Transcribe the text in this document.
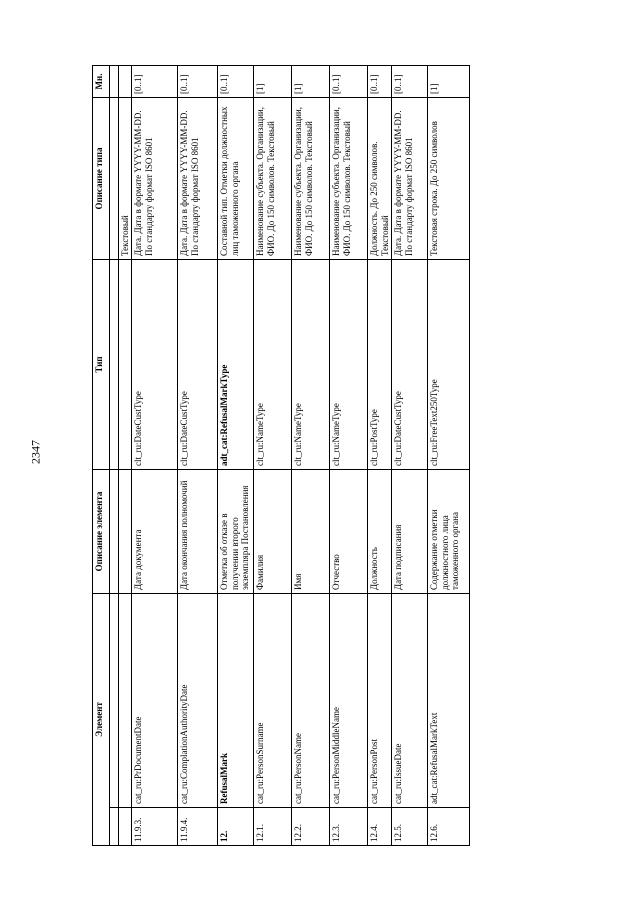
2347
Элемент		Описание элемента	Тип	Описание типа	Мн.

				Текстовый	
11.9.3.	cat_ru:PrDocumentDate	Дата документа	clt_ru:DateCustType	Дата. Дата в формате YYYY-MM-DD. По стандарту формат ISO 8601	[0..1]
11.9.4.	cat_ru:ComplationAuthorityDate	Дата окончания полномочий	clt_ru:DateCustType	Дата. Дата в формате YYYY-MM-DD. По стандарту формат ISO 8601	[0..1]
12.	RefusalMark	Отметка об отказе в получении второго экземпляра Постановления	adt_cat:RefusalMarkType	Составной тип. Отметки должностных лиц таможенного органа	[0..1]
12.1.	cat_ru:PersonSurname	Фамилия	clt_ru:NameType	Наименование субъекта. Организации, ФИО. До 150 символов. Текстовый	[1]
12.2.	cat_ru:PersonName	Имя	clt_ru:NameType	Наименование субъекта. Организации, ФИО. До 150 символов. Текстовый	[1]
12.3.	cat_ru:PersonMiddleName	Отчество	clt_ru:NameType	Наименование субъекта. Организации, ФИО. До 150 символов. Текстовый	[0..1]
12.4.	cat_ru:PersonPost	Должность	clt_ru:PostType	Должность. До 250 символов. Текстовый	[0..1]
12.5.	cat_ru:IssueDate	Дата подписания	clt_ru:DateCustType	Дата. Дата в формате YYYY-MM-DD. По стандарту формат ISO 8601	[0..1]
12.6.	adt_cat:RefusalMarkText	Содержание отметки должностного лица таможенного органа	clt_ru:FreeText250Type	Текстовая строка. До 250 символов	[1]
